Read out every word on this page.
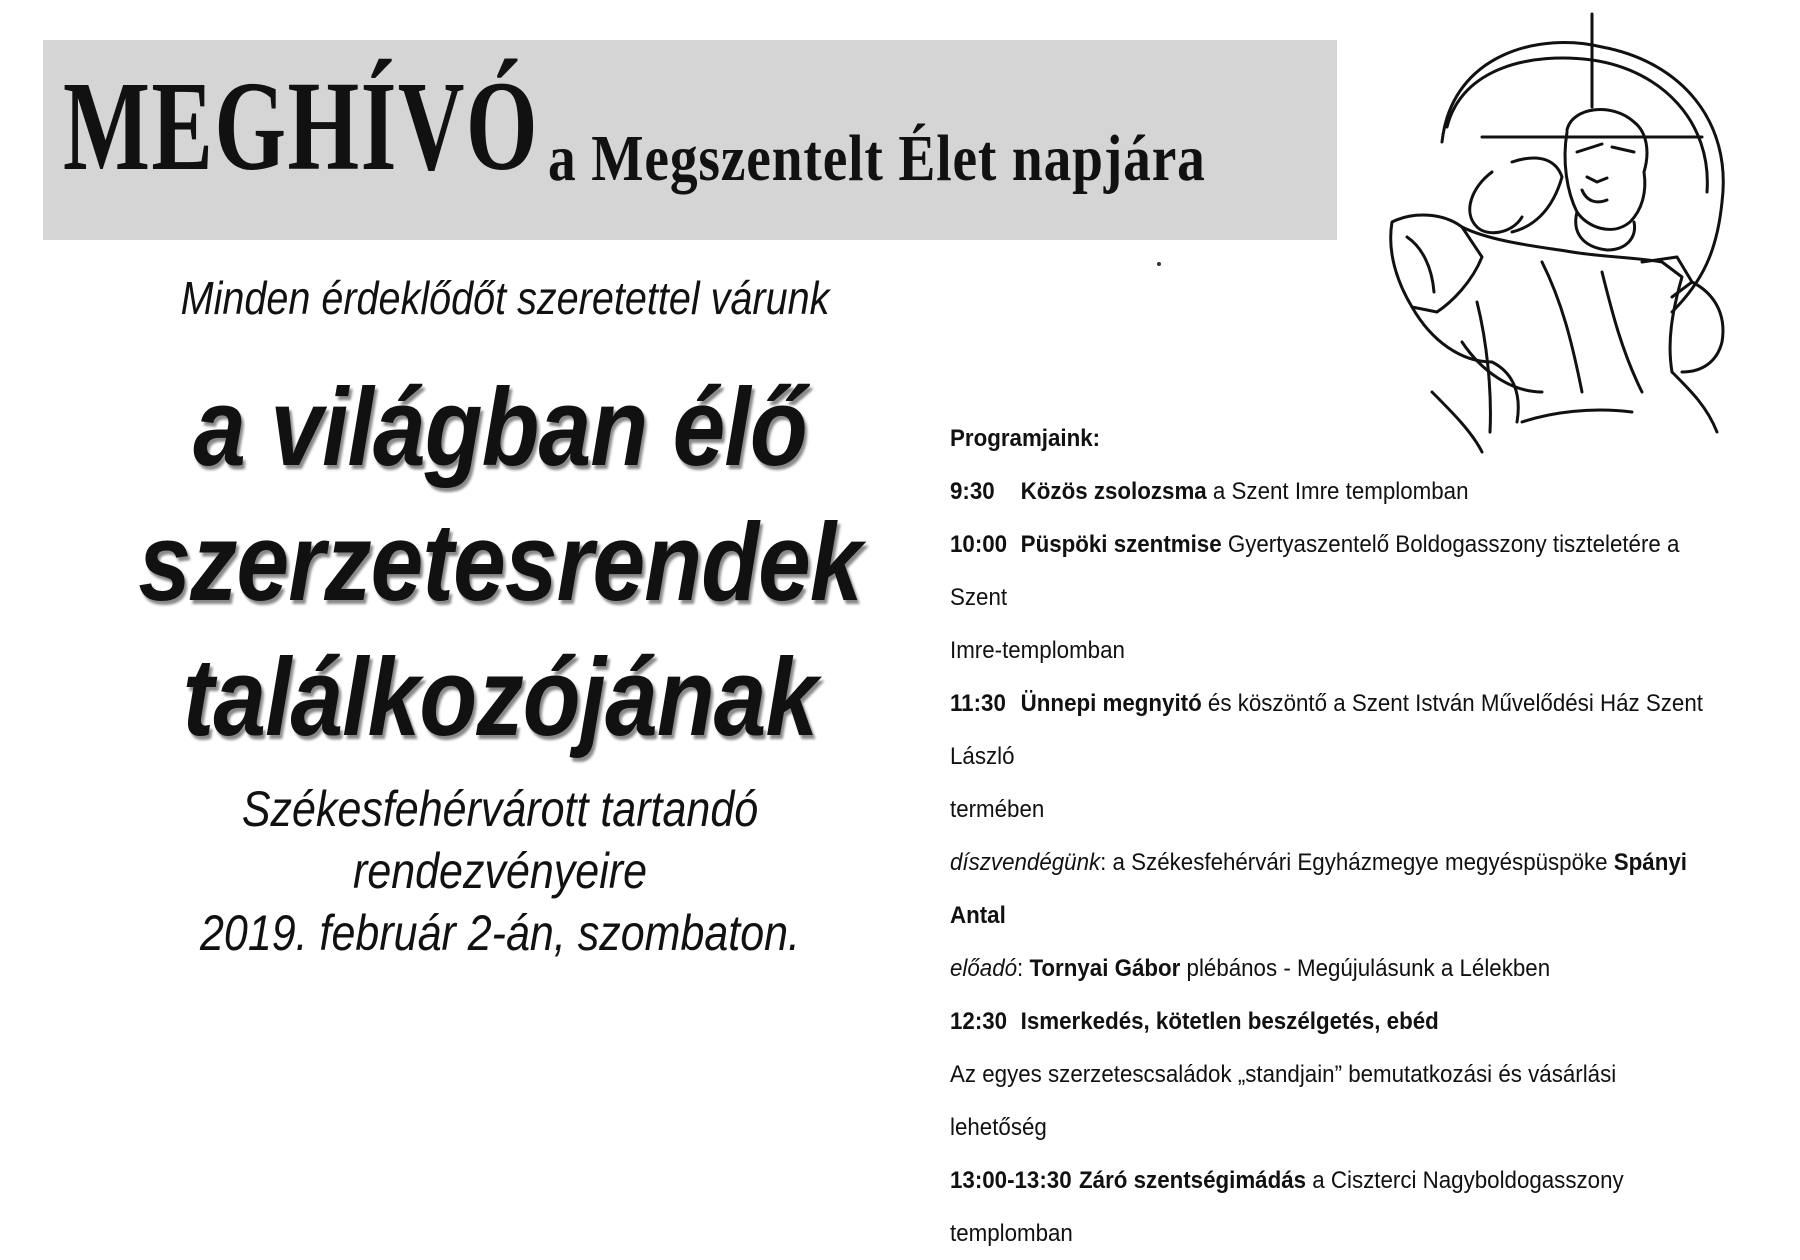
MEGHÍVÓ a Megszentelt Élet napjára
Minden érdeklődőt szeretettel várunk
a világban élő
szerzetesrendek
találkozójának
Székesfehérvárott tartandó
rendezvényeire
2019. február 2-án, szombaton.

Programjaink:

9:30 Közös zsolozsma a Szent Imre templomban

10:00 Püspöki szentmise Gyertyaszentelő Boldogasszony tiszteletére a Szent

Imre-templomban

11:30 Ünnepi megnyitó és köszöntő a Szent István Művelődési Ház Szent László

termében

díszvendégünk: a Székesfehérvári Egyházmegye megyéspüspöke Spányi Antal

előadó: Tornyai Gábor plébános - Megújulásunk a Lélekben

12:30 Ismerkedés, kötetlen beszélgetés, ebéd

Az egyes szerzetescsaládok „standjain” bemutatkozási és vásárlási lehetőség

13:00-13:30 Záró szentségimádás a Ciszterci Nagyboldogasszony templomban
